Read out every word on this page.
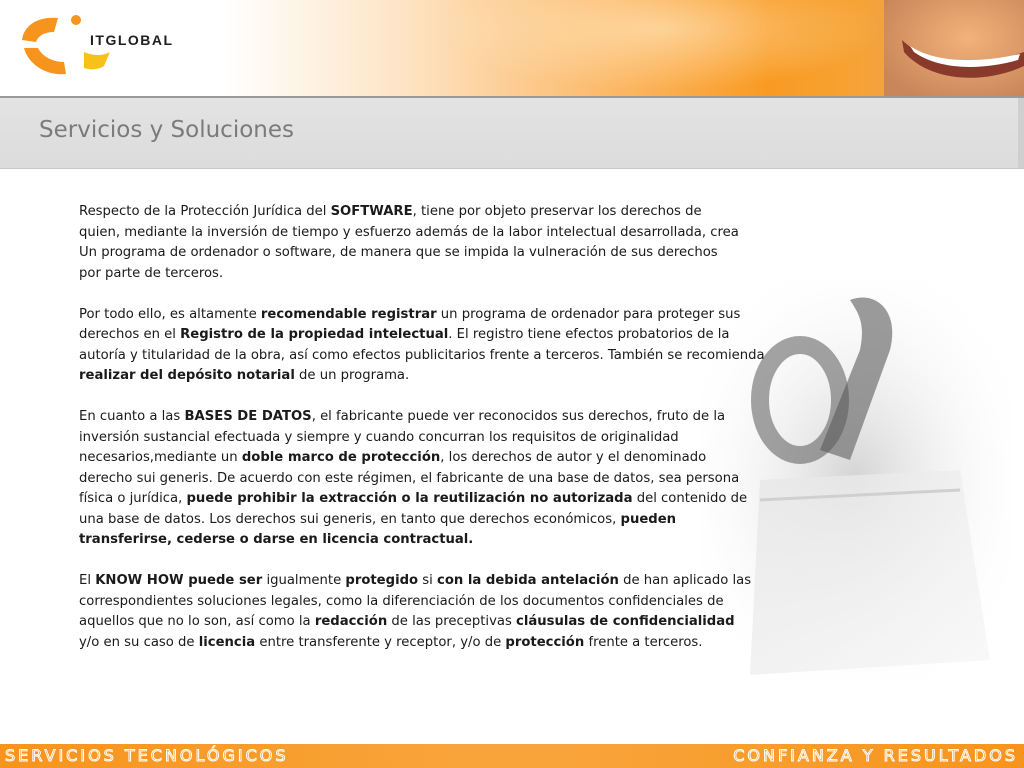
ITGLOBAL
Servicios y Soluciones

Respecto de la Protección Jurídica del SOFTWARE, tiene por objeto preservar los derechos de
quien, mediante la inversión de tiempo y esfuerzo además de la labor intelectual desarrollada, crea
Un programa de ordenador o software, de manera que se impida la vulneración de sus derechos
por parte de terceros.

Por todo ello, es altamente recomendable registrar un programa de ordenador para proteger sus
derechos en el Registro de la propiedad intelectual. El registro tiene efectos probatorios de la
autoría y titularidad de la obra, así como efectos publicitarios frente a terceros. También se recomienda
realizar del depósito notarial de un programa.

En cuanto a las BASES DE DATOS, el fabricante puede ver reconocidos sus derechos, fruto de la
inversión sustancial efectuada y siempre y cuando concurran los requisitos de originalidad
necesarios,mediante un doble marco de protección, los derechos de autor y el denominado
derecho sui generis. De acuerdo con este régimen, el fabricante de una base de datos, sea persona
física o jurídica, puede prohibir la extracción o la reutilización no autorizada del contenido de
una base de datos. Los derechos sui generis, en tanto que derechos económicos, pueden
transferirse, cederse o darse en licencia contractual.

El KNOW HOW puede ser igualmente protegido si con la debida antelación de han aplicado las
correspondientes soluciones legales, como la diferenciación de los documentos confidenciales de
aquellos que no lo son, así como la redacción de las preceptivas cláusulas de confidencialidad
y/o en su caso de licencia entre transferente y receptor, y/o de protección frente a terceros.

SERVICIOS TECNOLÓGICOS	CONFIANZA Y RESULTADOS
